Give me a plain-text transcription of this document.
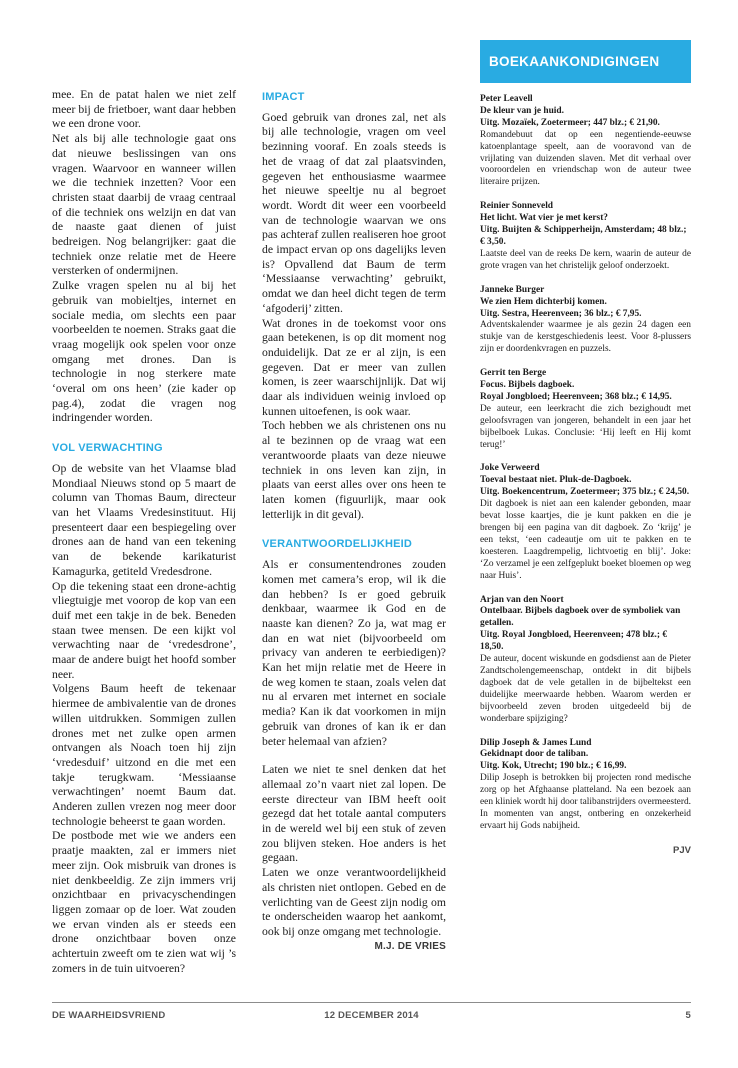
mee. En de patat halen we niet zelf meer bij de frietboer, want daar hebben we een drone voor.

Net als bij alle technologie gaat ons dat nieuwe beslissingen van ons vragen. Waarvoor en wanneer willen we die techniek inzetten? Voor een christen staat daarbij de vraag centraal of die techniek ons welzijn en dat van de naaste gaat dienen of juist bedreigen. Nog belangrijker: gaat die techniek onze relatie met de Heere versterken of ondermijnen.

Zulke vragen spelen nu al bij het gebruik van mobieltjes, internet en sociale media, om slechts een paar voorbeelden te noemen. Straks gaat die vraag mogelijk ook spelen voor onze omgang met drones. Dan is technologie in nog sterkere mate ‘overal om ons heen’ (zie kader op pag.4), zodat die vragen nog indringender worden.

VOL VERWACHTING

Op de website van het Vlaamse blad Mondiaal Nieuws stond op 5 maart de column van Thomas Baum, directeur van het Vlaams Vredesinstituut. Hij presenteert daar een bespiegeling over drones aan de hand van een tekening van de bekende karikaturist Kamagurka, getiteld Vredesdrone.

Op die tekening staat een drone-achtig vliegtuigje met voorop de kop van een duif met een takje in de bek. Beneden staan twee mensen. De een kijkt vol verwachting naar de ‘vredesdrone’, maar de andere buigt het hoofd somber neer.

Volgens Baum heeft de tekenaar hiermee de ambivalentie van de drones willen uitdrukken. Sommigen zullen drones met net zulke open armen ontvangen als Noach toen hij zijn ‘vredesduif’ uitzond en die met een takje terugkwam. ‘Messiaanse verwachtingen’ noemt Baum dat. Anderen zullen vrezen nog meer door technologie beheerst te gaan worden.

De postbode met wie we anders een praatje maakten, zal er immers niet meer zijn. Ook misbruik van drones is niet denkbeeldig. Ze zijn immers vrij onzichtbaar en privacyschendingen liggen zomaar op de loer. Wat zouden we ervan vinden als er steeds een drone onzichtbaar boven onze achtertuin zweeft om te zien wat wij ’s zomers in de tuin uitvoeren?

IMPACT

Goed gebruik van drones zal, net als bij alle technologie, vragen om veel bezinning vooraf. En zoals steeds is het de vraag of dat zal plaatsvinden, gegeven het enthousiasme waarmee het nieuwe speeltje nu al begroet wordt. Wordt dit weer een voorbeeld van de technologie waarvan we ons pas achteraf zullen realiseren hoe groot de impact ervan op ons dagelijks leven is? Opvallend dat Baum de term ‘Messiaanse verwachting’ gebruikt, omdat we dan heel dicht tegen de term ‘afgoderij’ zitten.

Wat drones in de toekomst voor ons gaan betekenen, is op dit moment nog onduidelijk. Dat ze er al zijn, is een gegeven. Dat er meer van zullen komen, is zeer waarschijnlijk. Dat wij daar als individuen weinig invloed op kunnen uitoefenen, is ook waar.

Toch hebben we als christenen ons nu al te bezinnen op de vraag wat een verantwoorde plaats van deze nieuwe techniek in ons leven kan zijn, in plaats van eerst alles over ons heen te laten komen (figuurlijk, maar ook letterlijk in dit geval).

VERANTWOORDELIJKHEID

Als er consumentendrones zouden komen met camera’s erop, wil ik die dan hebben? Is er goed gebruik denkbaar, waarmee ik God en de naaste kan dienen? Zo ja, wat mag er dan en wat niet (bijvoorbeeld om privacy van anderen te eerbiedigen)? Kan het mijn relatie met de Heere in de weg komen te staan, zoals velen dat nu al ervaren met internet en sociale media? Kan ik dat voorkomen in mijn gebruik van drones of kan ik er dan beter helemaal van afzien?

Laten we niet te snel denken dat het allemaal zo’n vaart niet zal lopen. De eerste directeur van IBM heeft ooit gezegd dat het totale aantal computers in de wereld wel bij een stuk of zeven zou blijven steken. Hoe anders is het gegaan.

Laten we onze verantwoordelijkheid als christen niet ontlopen. Gebed en de verlichting van de Geest zijn nodig om te onderscheiden waarop het aankomt, ook bij onze omgang met technologie.

M.J. DE VRIES

BOEKAANKONDIGINGEN

Peter Leavell

De kleur van je huid.

Uitg. Mozaïek, Zoetermeer; 447 blz.; € 21,90.

Romandebuut dat op een negentiende-eeuwse katoenplantage speelt, aan de vooravond van de vrijlating van duizenden slaven. Met dit verhaal over vooroordelen en vriendschap won de auteur twee literaire prijzen.

Reinier Sonneveld

Het licht. Wat vier je met kerst?

Uitg. Buijten & Schipperheijn, Amsterdam; 48 blz.; € 3,50.

Laatste deel van de reeks De kern, waarin de auteur de grote vragen van het christelijk geloof onderzoekt.

Janneke Burger

We zien Hem dichterbij komen.

Uitg. Sestra, Heerenveen; 36 blz.; € 7,95.

Adventskalender waarmee je als gezin 24 dagen een stukje van de kerstgeschiedenis leest. Voor 8-plussers zijn er doordenkvragen en puzzels.

Gerrit ten Berge

Focus. Bijbels dagboek.

Royal Jongbloed; Heerenveen; 368 blz.; € 14,95.

De auteur, een leerkracht die zich bezighoudt met geloofsvragen van jongeren, behandelt in een jaar het bijbelboek Lukas. Conclusie: ‘Hij leeft en Hij komt terug!’

Joke Verweerd

Toeval bestaat niet. Pluk-de-Dagboek.

Uitg. Boekencentrum, Zoetermeer; 375 blz.; € 24,50.

Dit dagboek is niet aan een kalender gebonden, maar bevat losse kaartjes, die je kunt pakken en die je brengen bij een pagina van dit dagboek. Zo ‘krijg’ je een tekst, ‘een cadeautje om uit te pakken en te koesteren. Laagdrempelig, lichtvoetig en blij’. Joke: ‘Zo verzamel je een zelfgeplukt boeket bloemen op weg naar Huis’.

Arjan van den Noort

Ontelbaar. Bijbels dagboek over de symboliek van getallen.

Uitg. Royal Jongbloed, Heerenveen; 478 blz.; € 18,50.

De auteur, docent wiskunde en godsdienst aan de Pieter Zandtscholengemeenschap, ontdekt in dit bijbels dagboek dat de vele getallen in de bijbeltekst een duidelijke meerwaarde hebben. Waarom werden er bijvoorbeeld zeven broden uitgedeeld bij de wonderbare spijziging?

Dilip Joseph & James Lund

Gekidnapt door de taliban.

Uitg. Kok, Utrecht; 190 blz.; € 16,99.

Dilip Joseph is betrokken bij projecten rond medische zorg op het Afghaanse platteland. Na een bezoek aan een kliniek wordt hij door talibanstrijders overmeesterd. In momenten van angst, ontbering en onzekerheid ervaart hij Gods nabijheid.

PJV

DE WAARHEIDSVRIEND	12 DECEMBER 2014	5
